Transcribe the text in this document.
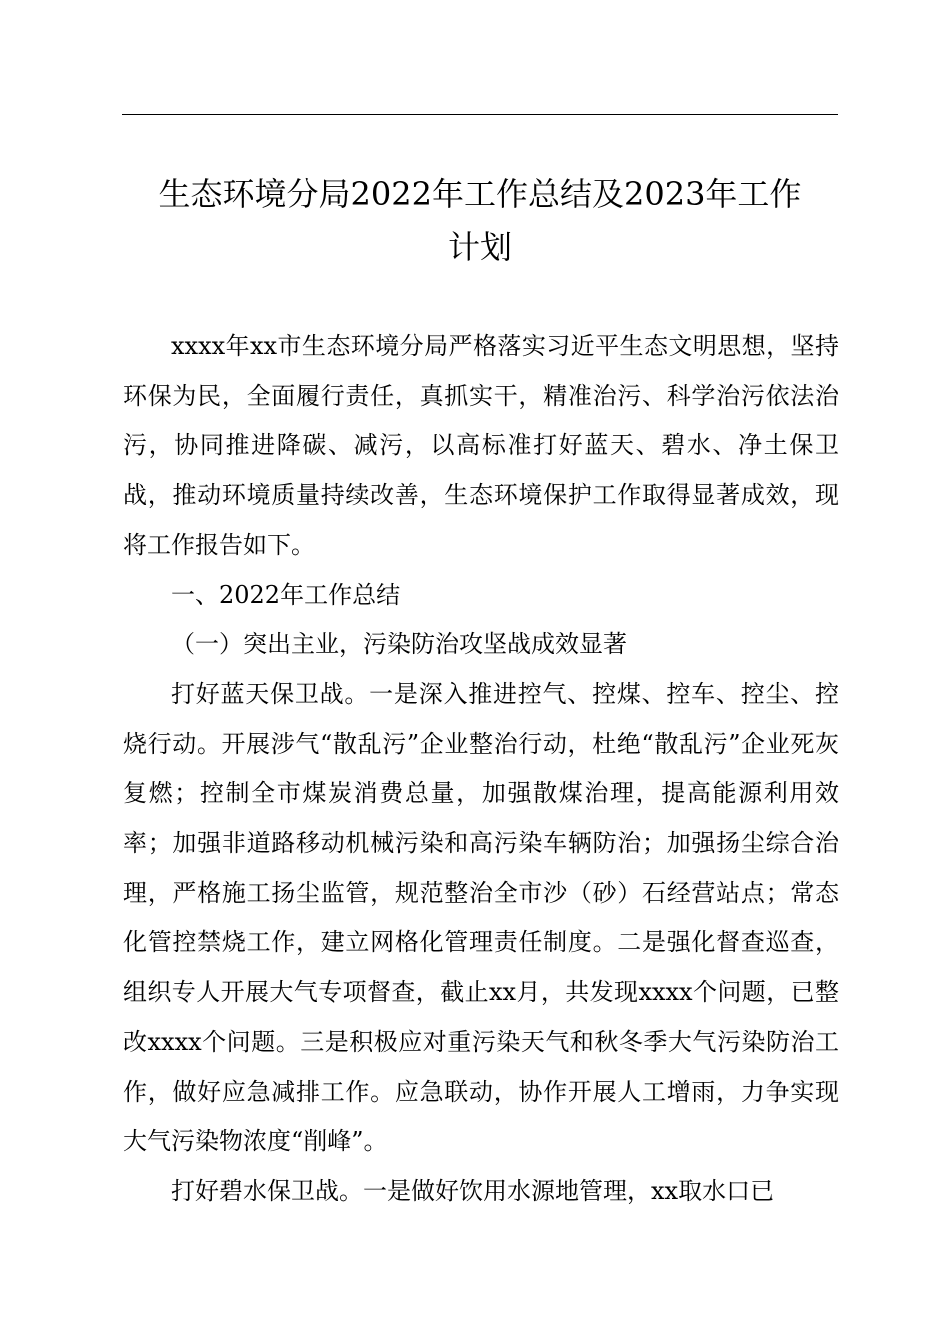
生态环境分局2022年工作总结及2023年工作
计划

xxxx年xx市生态环境分局严格落实习近平生态文明思想，坚持环保为民，全面履行责任，真抓实干，精准治污、科学治污依法治污，协同推进降碳、减污，以高标准打好蓝天、碧水、净土保卫战，推动环境质量持续改善，生态环境保护工作取得显著成效，现将工作报告如下。

一、2022年工作总结

（一）突出主业，污染防治攻坚战成效显著

打好蓝天保卫战。一是深入推进控气、控煤、控车、控尘、控烧行动。开展涉气“散乱污”企业整治行动，杜绝“散乱污”企业死灰复燃；控制全市煤炭消费总量，加强散煤治理，提高能源利用效率；加强非道路移动机械污染和高污染车辆防治；加强扬尘综合治理，严格施工扬尘监管，规范整治全市沙（砂）石经营站点；常态化管控禁烧工作，建立网格化管理责任制度。二是强化督查巡查，组织专人开展大气专项督查，截止xx月，共发现xxxx个问题，已整改xxxx个问题。三是积极应对重污染天气和秋冬季大气污染防治工作，做好应急减排工作。应急联动，协作开展人工增雨，力争实现大气污染物浓度“削峰”。

打好碧水保卫战。一是做好饮用水源地管理，xx取水口已
